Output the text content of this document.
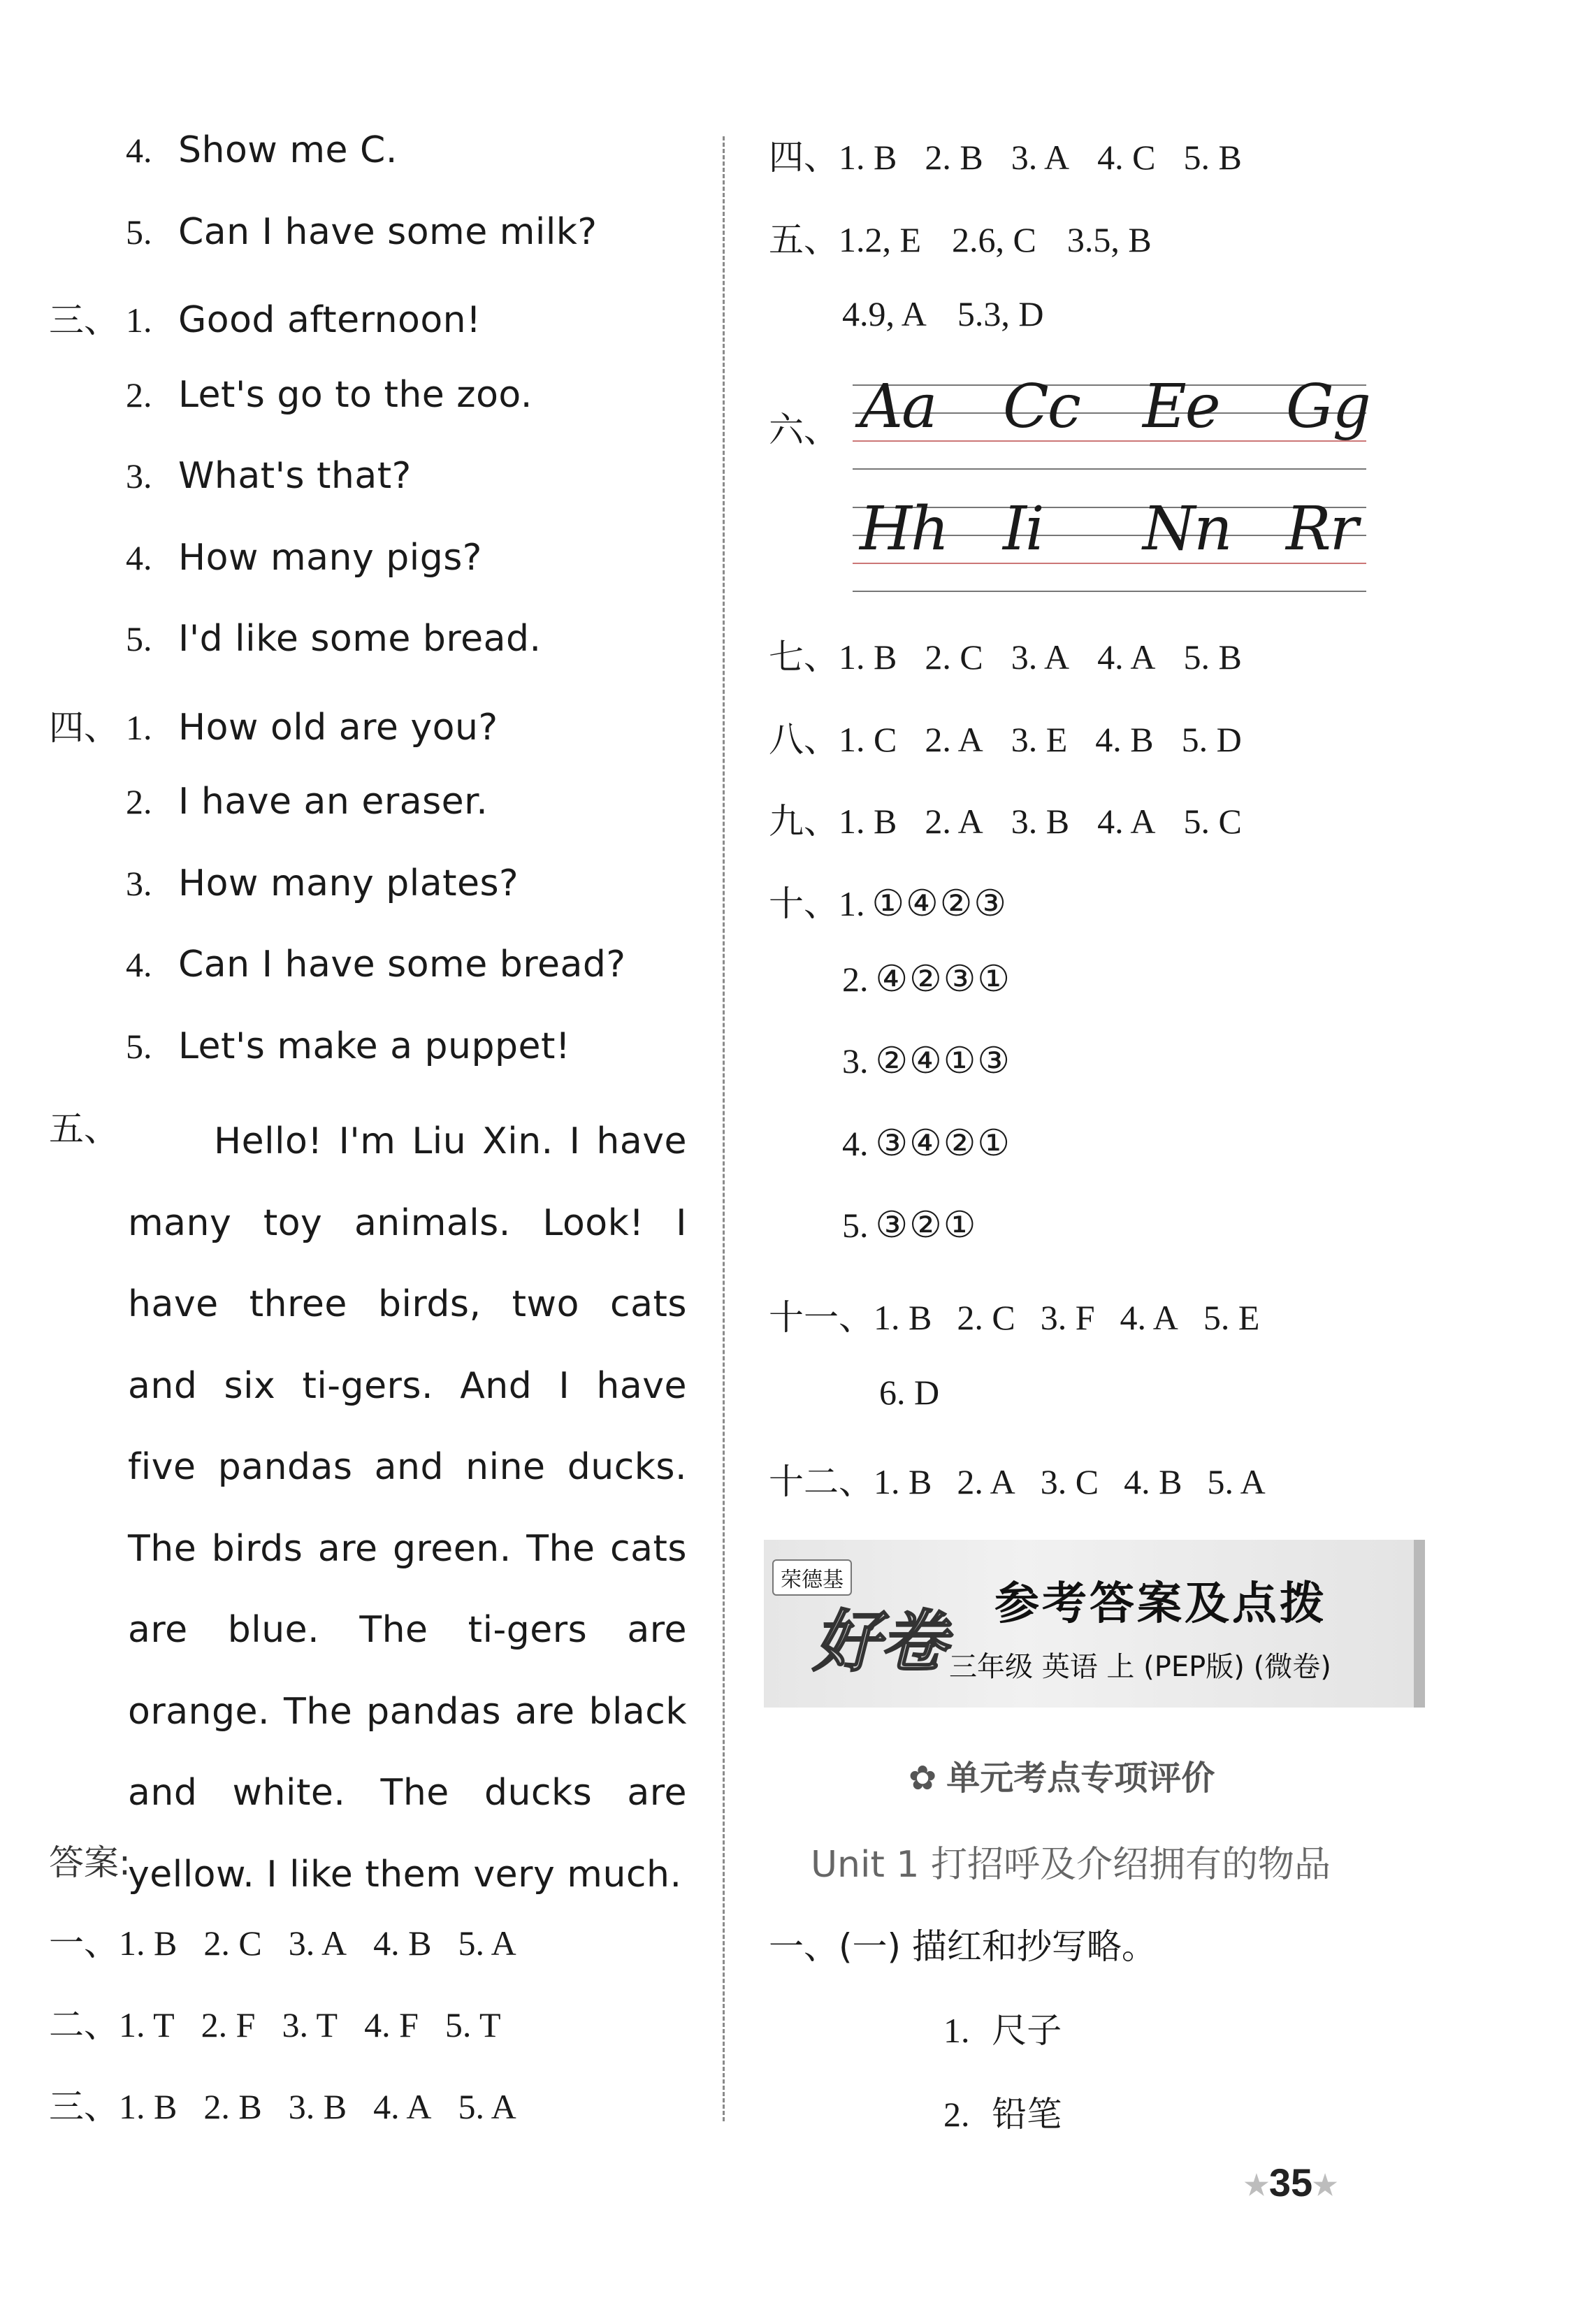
4. Show me C.
5. Can I have some milk?
三、 1. Good afternoon!
2. Let's go to the zoo.
3. What's that?
4. How many pigs?
5. I'd like some bread.
四、 1. How old are you?
2. I have an eraser.
3. How many plates?
4. Can I have some bread?
5. Let's make a puppet!
五、	Hello! I'm Liu Xin. I have many toy animals. Look! I have three birds, two cats and six ti-gers. And I have five pandas and nine ducks. The birds are green. The cats are blue. The ti-gers are orange. The pandas are black and white. The ducks are yellow. I like them very much.
答案:
一、1. B 2. C 3. A 4. B 5. A
二、1. T 2. F 3. T 4. F 5. T
三、1. B 2. B 3. B 4. A 5. A
四、1. B 2. B 3. A 4. C 5. B
五、1.2, E 2.6, C 3.5, B
4.9, A 5.3, D
六、 Aa Cc Ee Gg
Hh Ii Nn Rr
七、1. B 2. C 3. A 4. A 5. B
八、1. C 2. A 3. E 4. B 5. D
九、1. B 2. A 3. B 4. A 5. C
十、1. ①④②③
2. ④②③①
3. ②④①③
4. ③④②①
5. ③②①
十一、1. B 2. C 3. F 4. A 5. E
6. D
十二、1. B 2. A 3. C 4. B 5. A
荣德基
好卷 参考答案及点拨
三年级 英语 上 (PEP版) (微卷)
✿ 单元考点专项评价
Unit 1 打招呼及介绍拥有的物品
一、(一) 描红和抄写略。
1. 尺子
2. 铅笔
★35★
